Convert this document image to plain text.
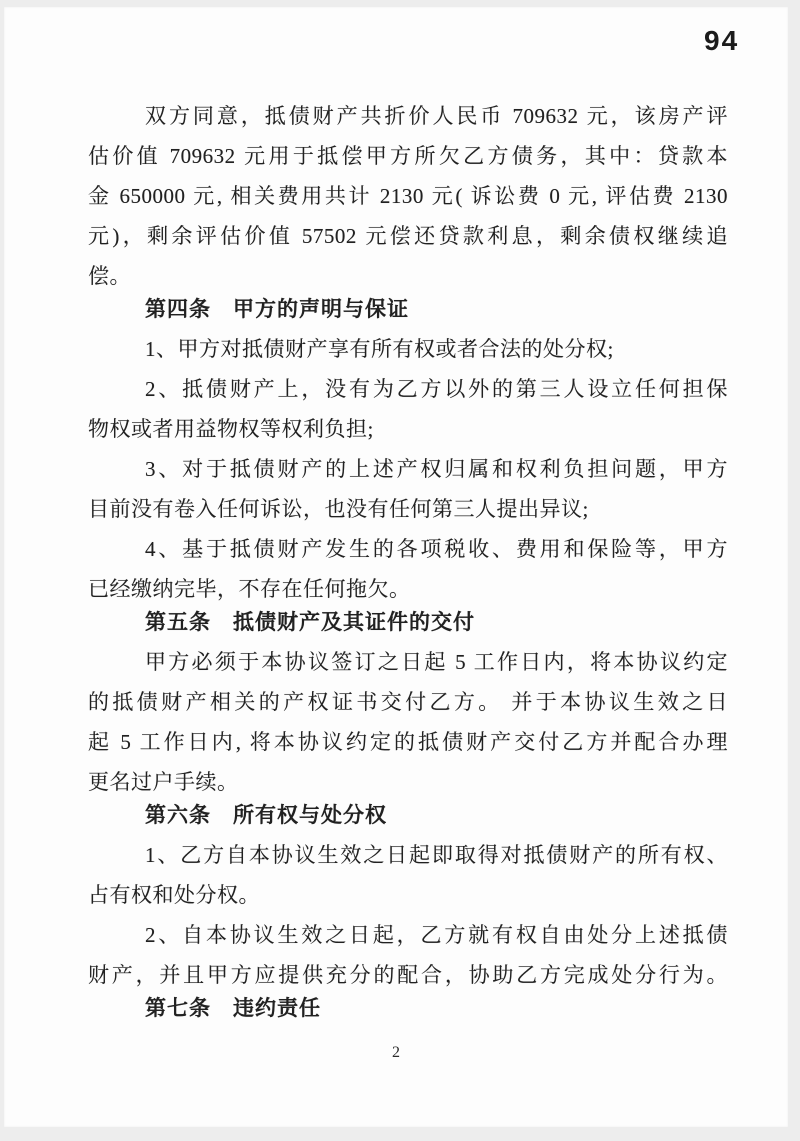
94
双方同意，抵债财产共折价人民币 709632 元，该房产评
估价值 709632 元用于抵偿甲方所欠乙方债务，其中：贷款本
金 650000 元, 相关费用共计 2130 元( 诉讼费 0 元, 评估费 2130
元)，剩余评估价值 57502 元偿还贷款利息，剩余债权继续追
偿。
第四条　甲方的声明与保证
1、甲方对抵债财产享有所有权或者合法的处分权;
2、抵债财产上，没有为乙方以外的第三人设立任何担保
物权或者用益物权等权利负担;
3、对于抵债财产的上述产权归属和权利负担问题，甲方
目前没有卷入任何诉讼，也没有任何第三人提出异议;
4、基于抵债财产发生的各项税收、费用和保险等，甲方
已经缴纳完毕，不存在任何拖欠。
第五条　抵债财产及其证件的交付
甲方必须于本协议签订之日起 5 工作日内，将本协议约定
的抵债财产相关的产权证书交付乙方。 并于本协议生效之日
起 5 工作日内, 将本协议约定的抵债财产交付乙方并配合办理
更名过户手续。
第六条　所有权与处分权
1、乙方自本协议生效之日起即取得对抵债财产的所有权、
占有权和处分权。
2、自本协议生效之日起，乙方就有权自由处分上述抵债
财产，并且甲方应提供充分的配合，协助乙方完成处分行为。
第七条　违约责任
2
